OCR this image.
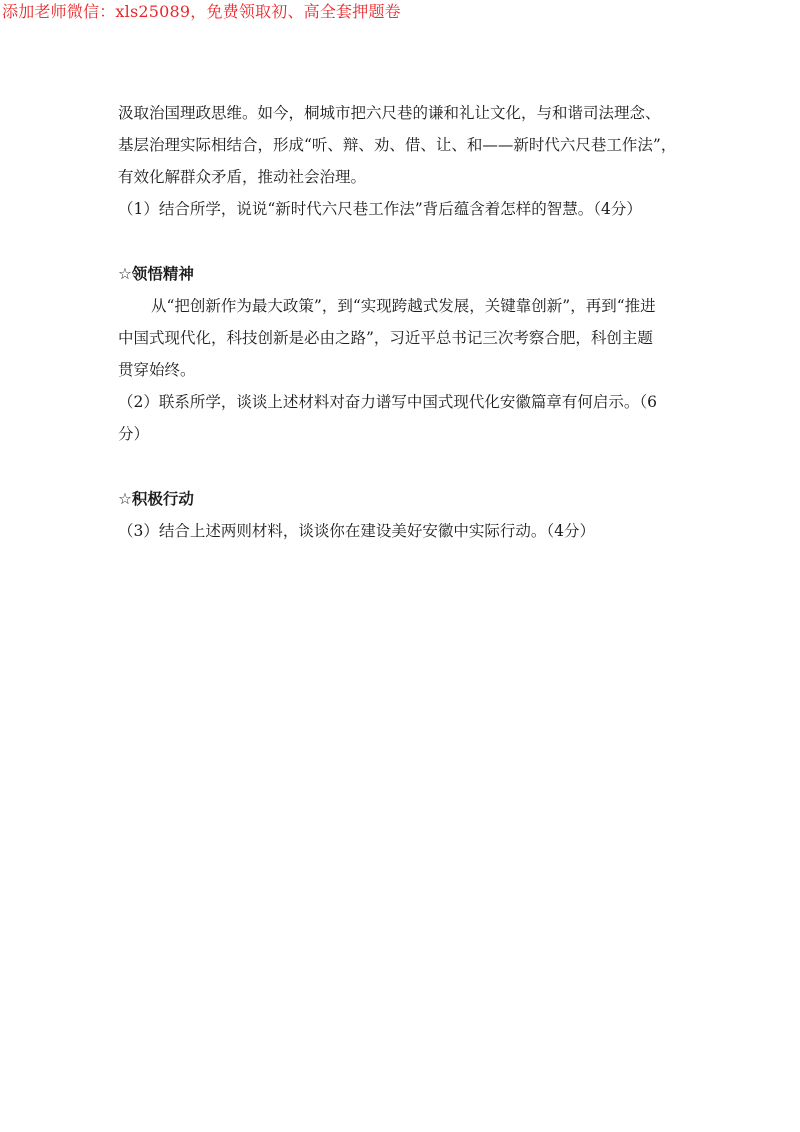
添加老师微信：xls25089，免费领取初、高全套押题卷
汲取治国理政思维。如今，桐城市把六尺巷的谦和礼让文化，与和谐司法理念、
基层治理实际相结合，形成“听、辩、劝、借、让、和——新时代六尺巷工作法”，
有效化解群众矛盾，推动社会治理。
（1）结合所学，说说“新时代六尺巷工作法”背后蕴含着怎样的智慧。（4分）
☆领悟精神
从“把创新作为最大政策”，到“实现跨越式发展，关键靠创新”，再到“推进
中国式现代化，科技创新是必由之路”，习近平总书记三次考察合肥，科创主题
贯穿始终。
（2）联系所学，谈谈上述材料对奋力谱写中国式现代化安徽篇章有何启示。（6
分）
☆积极行动
（3）结合上述两则材料，谈谈你在建设美好安徽中实际行动。（4分）
